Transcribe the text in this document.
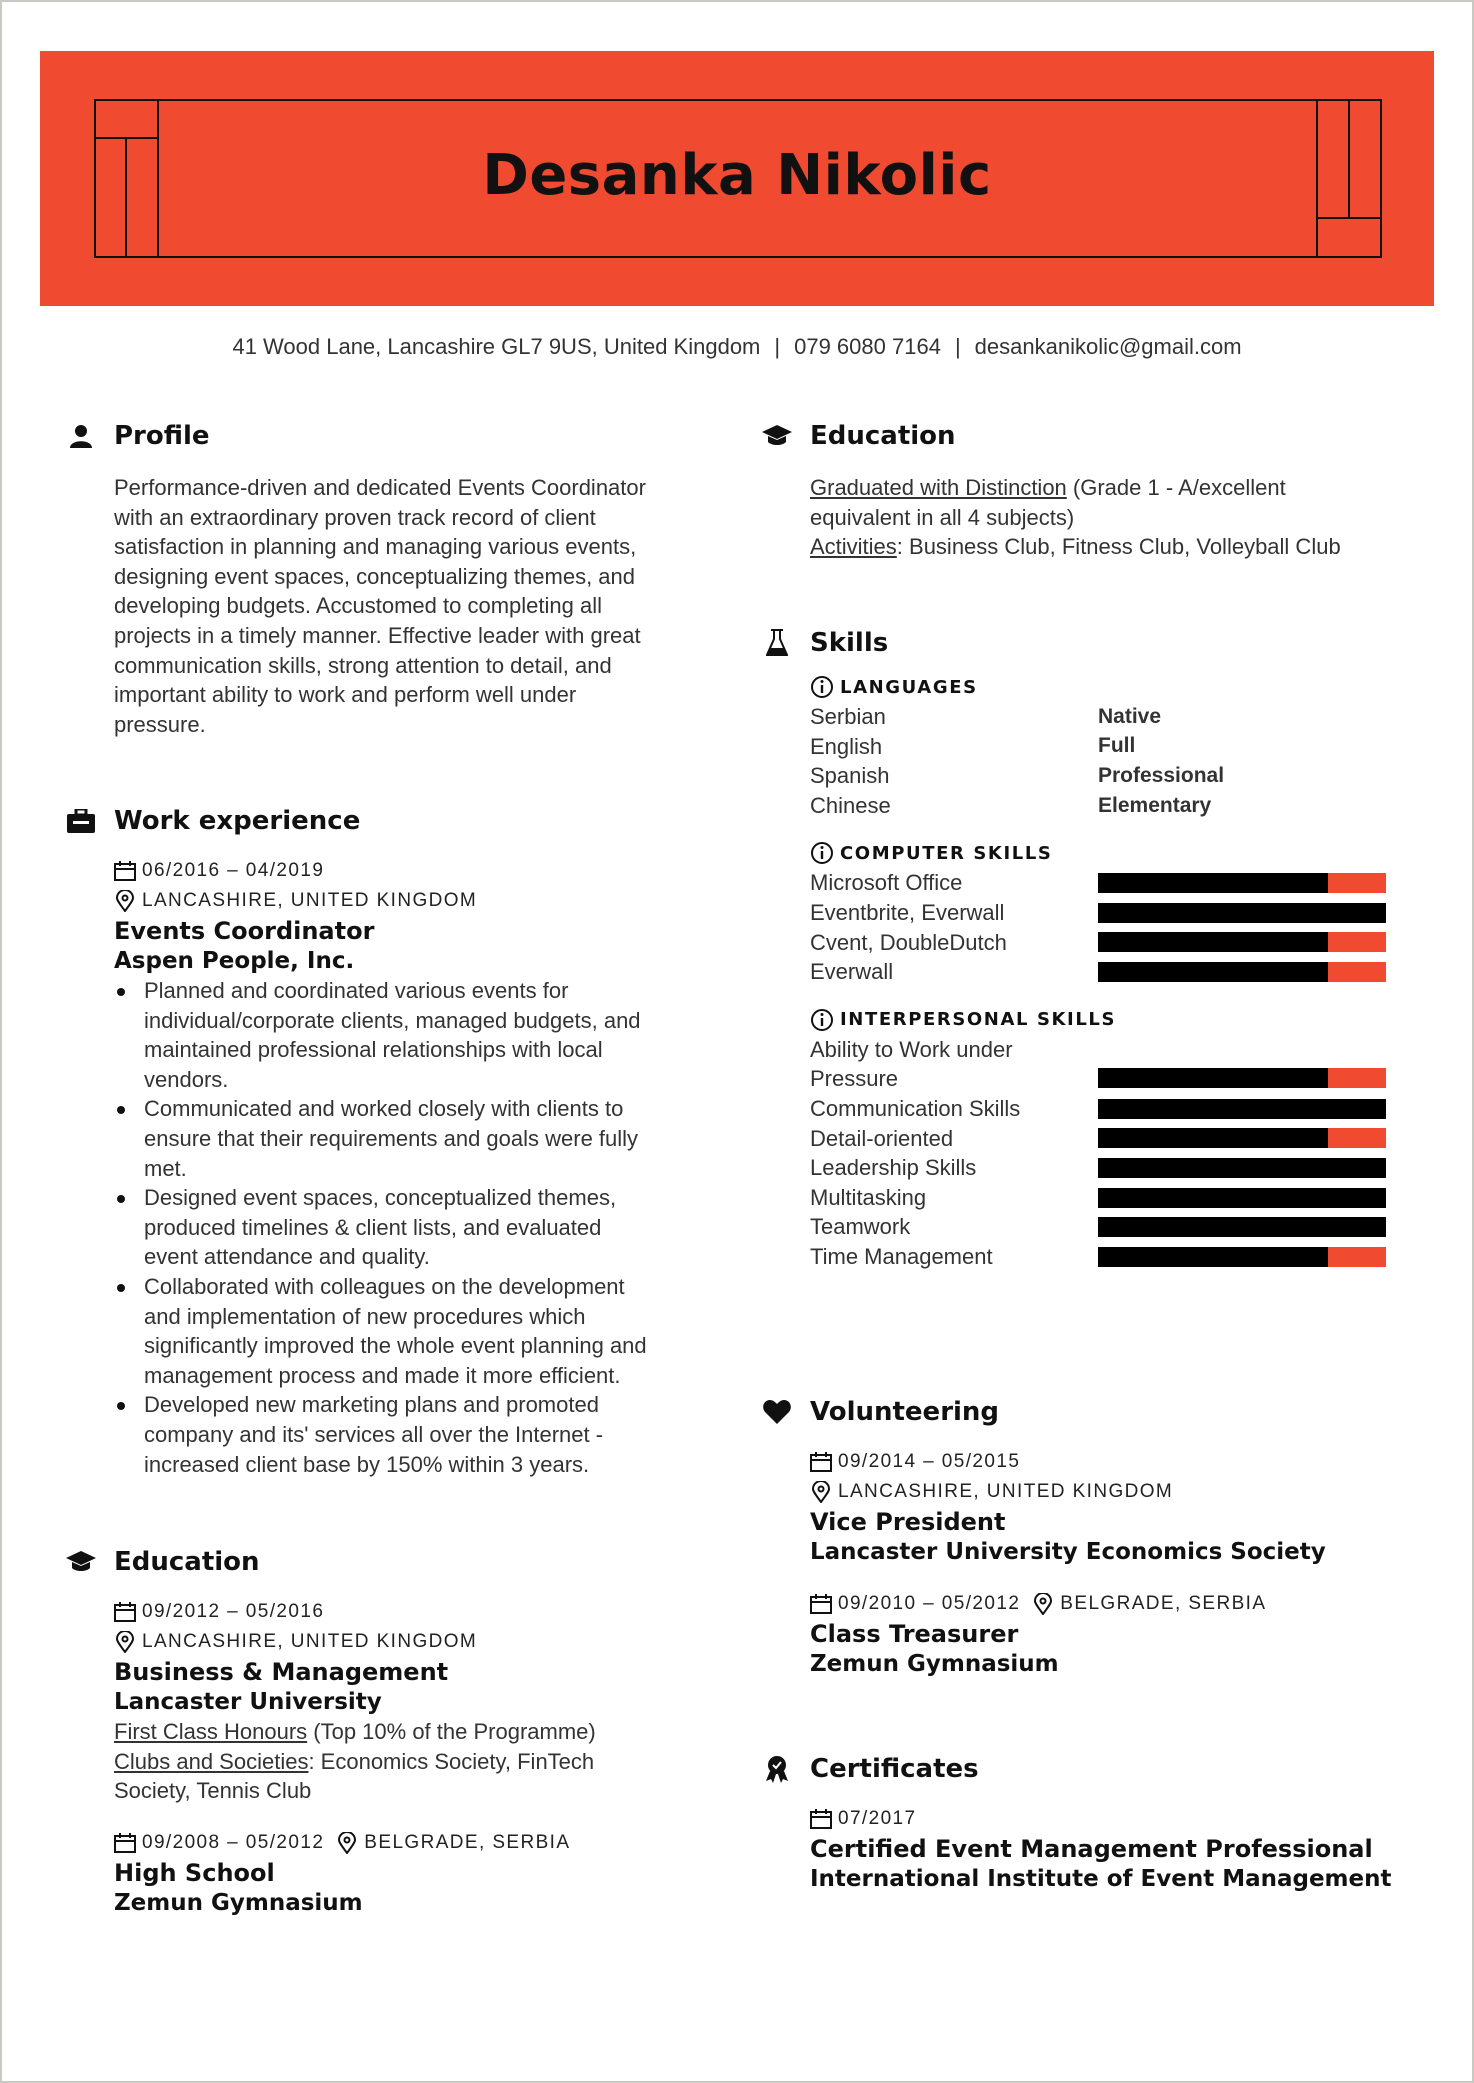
Desanka Nikolic
41 Wood Lane, Lancashire GL7 9US, United Kingdom | 079 6080 7164 | desankanikolic@gmail.com
Profile
Performance-driven and dedicated Events Coordinator
with an extraordinary proven track record of client
satisfaction in planning and managing various events,
designing event spaces, conceptualizing themes, and
developing budgets. Accustomed to completing all
projects in a timely manner. Effective leader with great
communication skills, strong attention to detail, and
important ability to work and perform well under
pressure.
Work experience
06/2016 – 04/2019
LANCASHIRE, UNITED KINGDOM
Events Coordinator
Aspen People, Inc.
Planned and coordinated various events for
individual/corporate clients, managed budgets, and
maintained professional relationships with local
vendors.
Communicated and worked closely with clients to
ensure that their requirements and goals were fully
met.
Designed event spaces, conceptualized themes,
produced timelines & client lists, and evaluated
event attendance and quality.
Collaborated with colleagues on the development
and implementation of new procedures which
significantly improved the whole event planning and
management process and made it more efficient.
Developed new marketing plans and promoted
company and its' services all over the Internet -
increased client base by 150% within 3 years.
Education
09/2012 – 05/2016
LANCASHIRE, UNITED KINGDOM
Business & Management
Lancaster University
First Class Honours (Top 10% of the Programme)
Clubs and Societies: Economics Society, FinTech
Society, Tennis Club
09/2008 – 05/2012 BELGRADE, SERBIA
High School
Zemun Gymnasium
Education
Graduated with Distinction (Grade 1 - A/excellent
equivalent in all 4 subjects)
Activities: Business Club, Fitness Club, Volleyball Club
Skills
LANGUAGES
Serbian	Native
English	Full
Spanish	Professional
Chinese	Elementary
COMPUTER SKILLS
Microsoft Office
Eventbrite, Everwall
Cvent, DoubleDutch
Everwall
INTERPERSONAL SKILLS
Ability to Work under
Pressure
Communication Skills
Detail-oriented
Leadership Skills
Multitasking
Teamwork
Time Management
Volunteering
09/2014 – 05/2015
LANCASHIRE, UNITED KINGDOM
Vice President
Lancaster University Economics Society
09/2010 – 05/2012 BELGRADE, SERBIA
Class Treasurer
Zemun Gymnasium
Certificates
07/2017
Certified Event Management Professional
International Institute of Event Management
